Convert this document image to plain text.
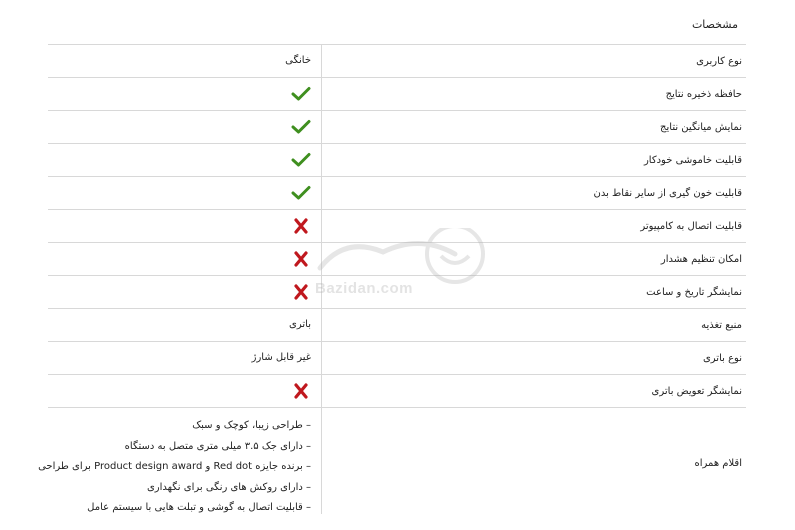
مشخصات
نوع کاربری
خانگی
حافظه ذخیره نتایج
نمایش میانگین نتایج
قابلیت خاموشی خودکار
قابلیت خون گیری از سایر نقاط بدن
قابلیت اتصال به کامپیوتر
امکان تنظیم هشدار
نمایشگر تاریخ و ساعت
منبع تغذیه
باتری
نوع باتری
غیر قابل شارژ
نمایشگر تعویض باتری
اقلام همراه
– طراحی زیبا، کوچک و سبک
– دارای جک ۳.۵ میلی متری متصل به دستگاه
– برنده جایزه Red dot و Product design award برای طراحی
– دارای روکش های رنگی برای نگهداری
– قابلیت اتصال به گوشی و تبلت هایی با سیستم عامل
Bazidan.com
